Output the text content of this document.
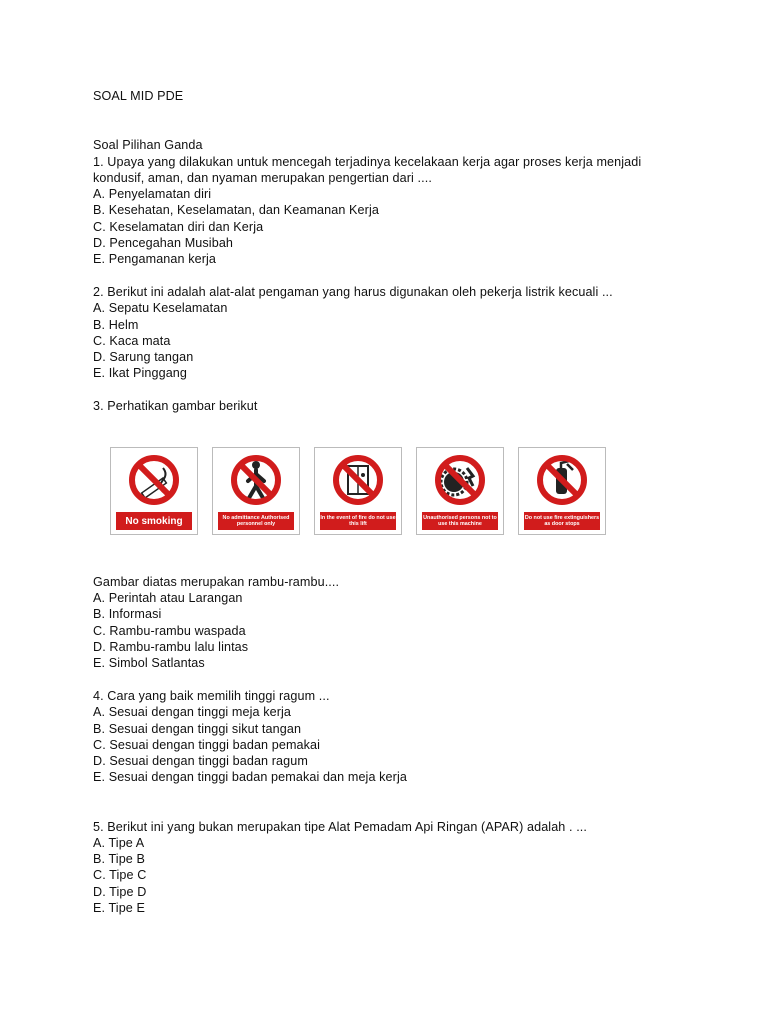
SOAL MID PDE
Soal Pilihan Ganda
1. Upaya yang dilakukan untuk mencegah terjadinya kecelakaan kerja agar proses kerja menjadi
kondusif, aman, dan nyaman merupakan pengertian dari ....
A. Penyelamatan diri
B. Kesehatan, Keselamatan, dan Keamanan Kerja
C. Keselamatan diri dan Kerja
D. Pencegahan Musibah
E. Pengamanan kerja
2. Berikut ini adalah alat-alat pengaman yang harus digunakan oleh pekerja listrik kecuali ...
A. Sepatu Keselamatan
B. Helm
C. Kaca mata
D. Sarung tangan
E. Ikat Pinggang
3. Perhatikan gambar berikut
No smoking	No admittance Authorised personnel only
In the event of fire do not use this lift
Unauthorised persons not to use this machine
Do not use fire extinguishers as door stops
Gambar diatas merupakan rambu-rambu....
A. Perintah atau Larangan
B. Informasi
C. Rambu-rambu waspada
D. Rambu-rambu lalu lintas
E. Simbol Satlantas
4. Cara yang baik memilih tinggi ragum ...
A. Sesuai dengan tinggi meja kerja
B. Sesuai dengan tinggi sikut tangan
C. Sesuai dengan tinggi badan pemakai
D. Sesuai dengan tinggi badan ragum
E. Sesuai dengan tinggi badan pemakai dan meja kerja
5. Berikut ini yang bukan merupakan tipe Alat Pemadam Api Ringan (APAR) adalah . ...
A. Tipe A
B. Tipe B
C. Tipe C
D. Tipe D
E. Tipe E
